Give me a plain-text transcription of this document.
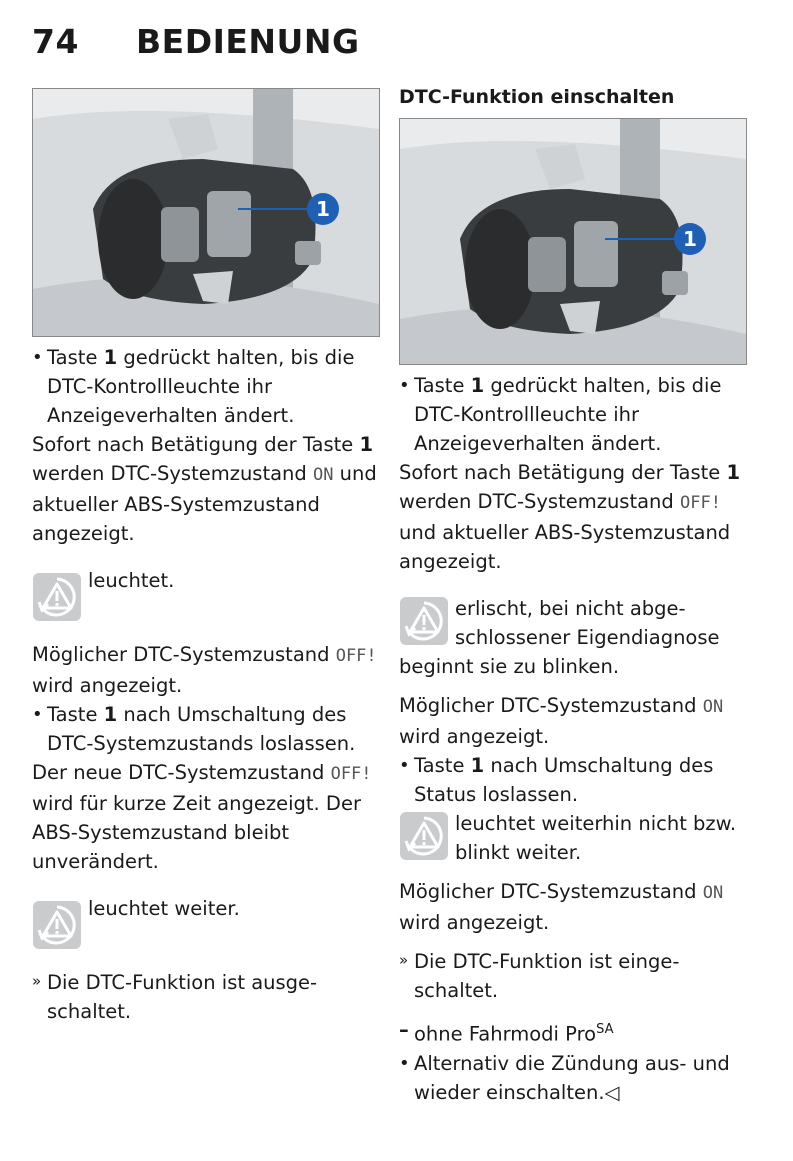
74	BEDIENUNG
1
• Taste 1 gedrückt halten, bis die DTC-Kontrollleuchte ihr Anzeigeverhalten ändert.
Sofort nach Betätigung der Taste 1 werden DTC-Systemzustand ON und aktueller ABS-Systemzustand angezeigt.
leuchtet.
Möglicher DTC-Systemzustand OFF! wird angezeigt.
• Taste 1 nach Umschaltung des DTC-Systemzustands loslassen.
Der neue DTC-Systemzustand OFF! wird für kurze Zeit angezeigt. Der ABS-Systemzustand bleibt unverändert.
leuchtet weiter.
» Die DTC-Funktion ist ausgeschaltet.
DTC-Funktion einschalten
1
• Taste 1 gedrückt halten, bis die DTC-Kontrollleuchte ihr Anzeigeverhalten ändert.
Sofort nach Betätigung der Taste 1 werden DTC-Systemzustand OFF! und aktueller ABS-Systemzustand angezeigt.
erlischt, bei nicht abgeschlossener Eigendiagnose beginnt sie zu blinken.
Möglicher DTC-Systemzustand ON wird angezeigt.
• Taste 1 nach Umschaltung des Status loslassen.
leuchtet weiterhin nicht bzw. blinkt weiter.
Möglicher DTC-Systemzustand ON wird angezeigt.
» Die DTC-Funktion ist eingeschaltet.
– ohne Fahrmodi Pro$^{SA}$
• Alternativ die Zündung aus- und wieder einschalten.◁
